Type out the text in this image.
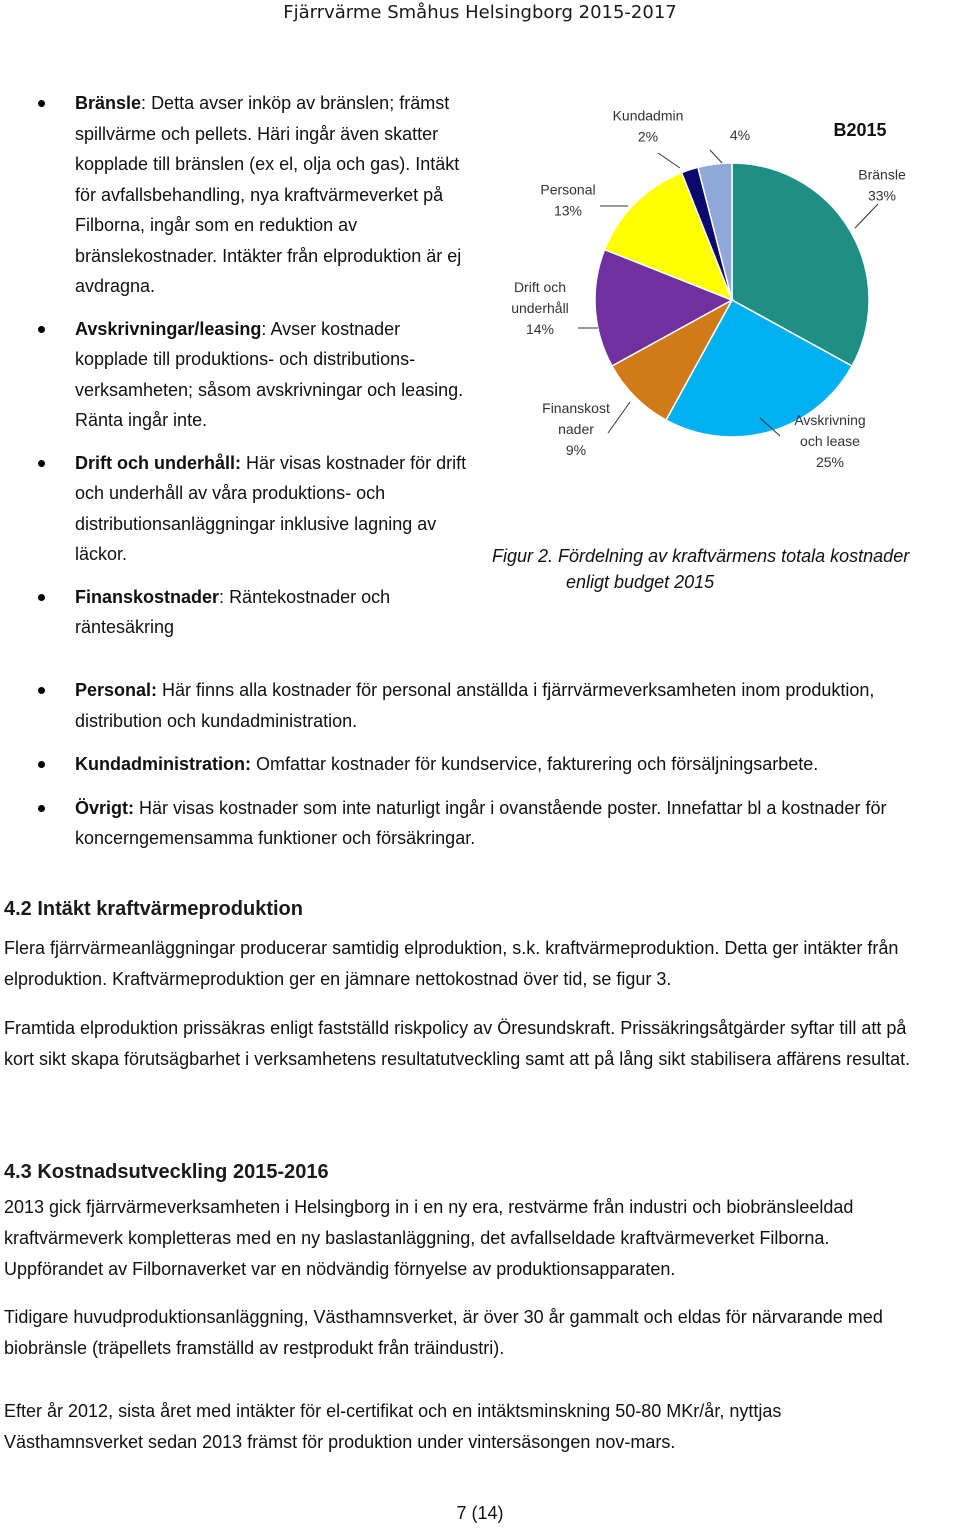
Fjärrvärme Småhus Helsingborg 2015-2017
Bränsle: Detta avser inköp av bränslen; främst spillvärme och pellets. Häri ingår även skatter kopplade till bränslen (ex el, olja och gas). Intäkt för avfallsbehandling, nya kraftvärmeverket på Filborna, ingår som en reduktion av bränslekostnader. Intäkter från elproduktion är ej avdragna.
Avskrivningar/leasing: Avser kostnader kopplade till produktions- och distributions-verksamheten; såsom avskrivningar och leasing. Ränta ingår inte.
Drift och underhåll: Här visas kostnader för drift och underhåll av våra produktions- och distributionsanläggningar inklusive lagning av läckor.
Finanskostnader: Räntekostnader och räntesäkring
Bränsle 33%
Avskrivning och lease 25%
Finanskost nader 9%
Drift och underhåll 14%
Personal 13%
Kundadmin 2%	4%	B2015
Figur 2. Fördelning av kraftvärmens totala kostnader
enligt budget 2015
Personal: Här finns alla kostnader för personal anställda i fjärrvärmeverksamheten inom produktion, distribution och kundadministration.
Kundadministration: Omfattar kostnader för kundservice, fakturering och försäljningsarbete.
Övrigt: Här visas kostnader som inte naturligt ingår i ovanstående poster. Innefattar bl a kostnader för koncerngemensamma funktioner och försäkringar.
4.2 Intäkt kraftvärmeproduktion
Flera fjärrvärmeanläggningar producerar samtidig elproduktion, s.k. kraftvärmeproduktion. Detta ger intäkter från elproduktion. Kraftvärmeproduktion ger en jämnare nettokostnad över tid, se figur 3.
Framtida elproduktion prissäkras enligt fastställd riskpolicy av Öresundskraft. Prissäkringsåtgärder syftar till att på kort sikt skapa förutsägbarhet i verksamhetens resultatutveckling samt att på lång sikt stabilisera affärens resultat.
4.3 Kostnadsutveckling 2015-2016
2013 gick fjärrvärmeverksamheten i Helsingborg in i en ny era, restvärme från industri och biobränsleeldad kraftvärmeverk kompletteras med en ny baslastanläggning, det avfallseldade kraftvärmeverket Filborna. Uppförandet av Filbornaverket var en nödvändig förnyelse av produktionsapparaten.
Tidigare huvudproduktionsanläggning, Västhamnsverket, är över 30 år gammalt och eldas för närvarande med biobränsle (träpellets framställd av restprodukt från träindustri).
Efter år 2012, sista året med intäkter för el-certifikat och en intäktsminskning 50-80 MKr/år, nyttjas Västhamnsverket sedan 2013 främst för produktion under vintersäsongen nov-mars.
7 (14)
